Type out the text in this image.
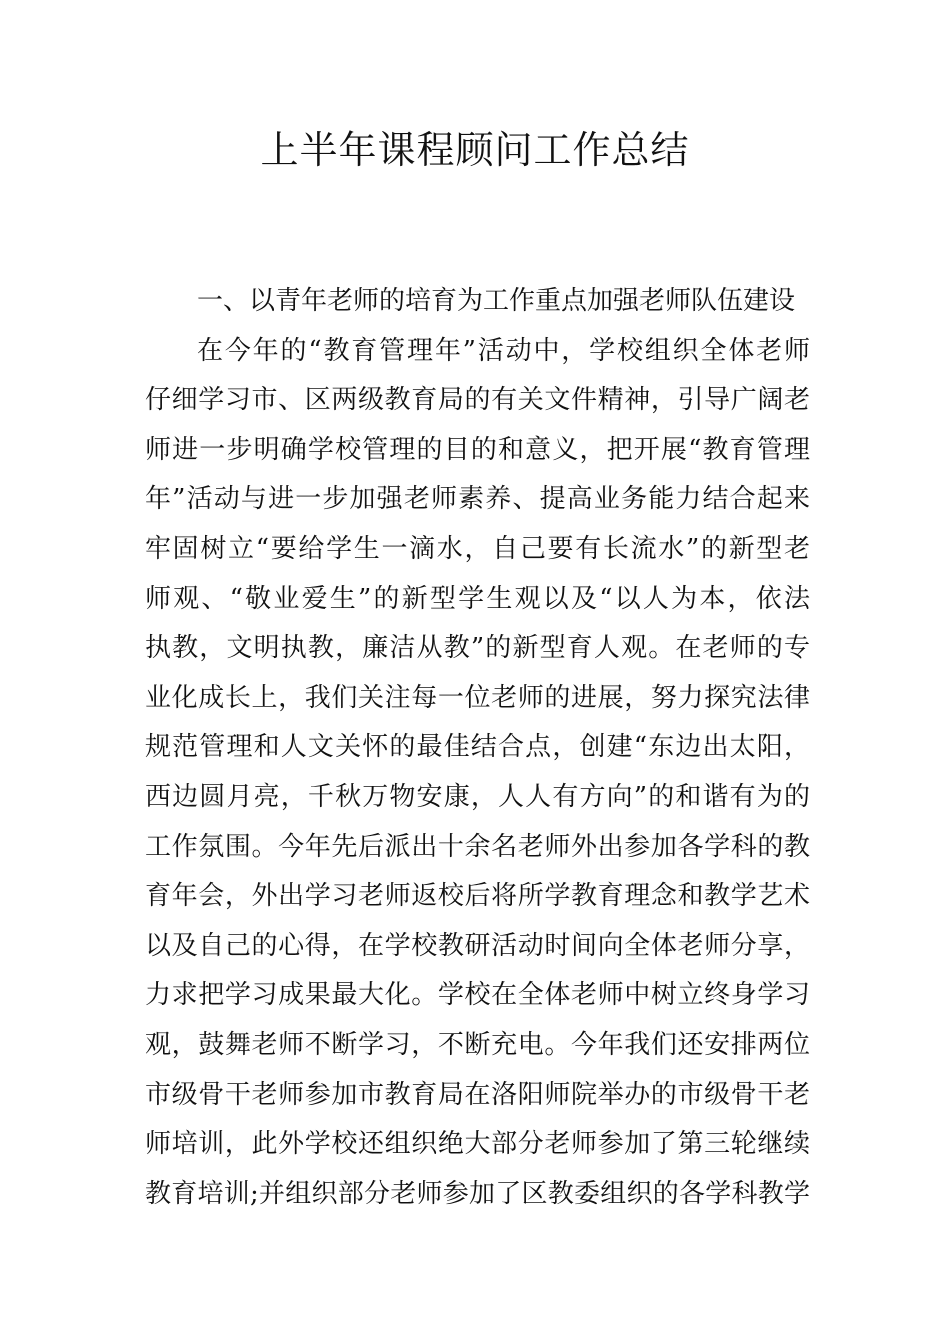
上半年课程顾问工作总结
一、以青年老师的培育为工作重点加强老师队伍建设
在今年的“教育管理年”活动中，学校组织全体老师
仔细学习市、区两级教育局的有关文件精神，引导广阔老
师进一步明确学校管理的目的和意义，把开展“教育管理
年”活动与进一步加强老师素养、提高业务能力结合起来
牢固树立“要给学生一滴水，自己要有长流水”的新型老
师观、“敬业爱生”的新型学生观以及“以人为本，依法
执教，文明执教，廉洁从教”的新型育人观。在老师的专
业化成长上，我们关注每一位老师的进展，努力探究法律
规范管理和人文关怀的最佳结合点，创建“东边出太阳，
西边圆月亮，千秋万物安康，人人有方向”的和谐有为的
工作氛围。今年先后派出十余名老师外出参加各学科的教
育年会，外出学习老师返校后将所学教育理念和教学艺术
以及自己的心得，在学校教研活动时间向全体老师分享，
力求把学习成果最大化。学校在全体老师中树立终身学习
观，鼓舞老师不断学习，不断充电。今年我们还安排两位
市级骨干老师参加市教育局在洛阳师院举办的市级骨干老
师培训，此外学校还组织绝大部分老师参加了第三轮继续
教育培训;并组织部分老师参加了区教委组织的各学科教学
